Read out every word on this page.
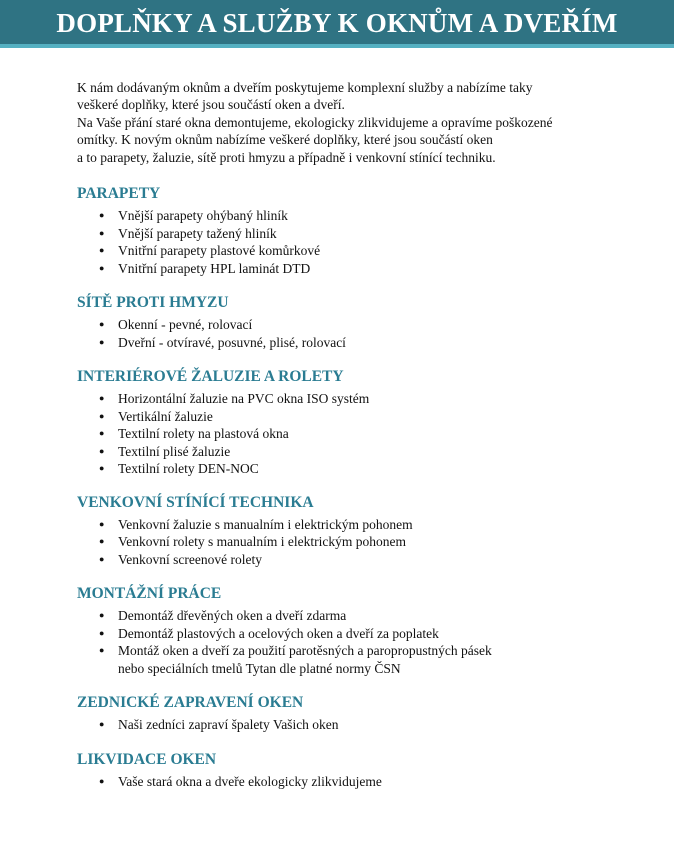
DOPLŇKY A SLUŽBY K OKNŮM A DVEŘÍM

K nám dodávaným oknům a dveřím poskytujeme komplexní služby a nabízíme taky

veškeré doplňky, které jsou součástí oken a dveří.

Na Vaše přání staré okna demontujeme, ekologicky zlikvidujeme a opravíme poškozené

omítky. K novým oknům nabízíme veškeré doplňky, které jsou součástí oken

a to parapety, žaluzie, sítě proti hmyzu a případně i venkovní stínící techniku.

PARAPETY
● Vnější parapety ohýbaný hliník
● Vnější parapety tažený hliník
● Vnitřní parapety plastové komůrkové
● Vnitřní parapety HPL laminát DTD
SÍTĚ PROTI HMYZU
● Okenní - pevné, rolovací
● Dveřní - otvíravé, posuvné, plisé, rolovací
INTERIÉROVÉ ŽALUZIE A ROLETY
● Horizontální žaluzie na PVC okna ISO systém
● Vertikální žaluzie
● Textilní rolety na plastová okna
● Textilní plisé žaluzie
● Textilní rolety DEN-NOC
VENKOVNÍ STÍNÍCÍ TECHNIKA
● Venkovní žaluzie s manualním i elektrickým pohonem
● Venkovní rolety s manualním i elektrickým pohonem
● Venkovní screenové rolety
MONTÁŽNÍ PRÁCE
● Demontáž dřevěných oken a dveří zdarma
● Demontáž plastových a ocelových oken a dveří za poplatek
● Montáž oken a dveří za použití parotěsných a paropropustných pásek
nebo speciálních tmelů Tytan dle platné normy ČSN
ZEDNICKÉ ZAPRAVENÍ OKEN
● Naši zedníci zapraví špalety Vašich oken
LIKVIDACE OKEN
● Vaše stará okna a dveře ekologicky zlikvidujeme
